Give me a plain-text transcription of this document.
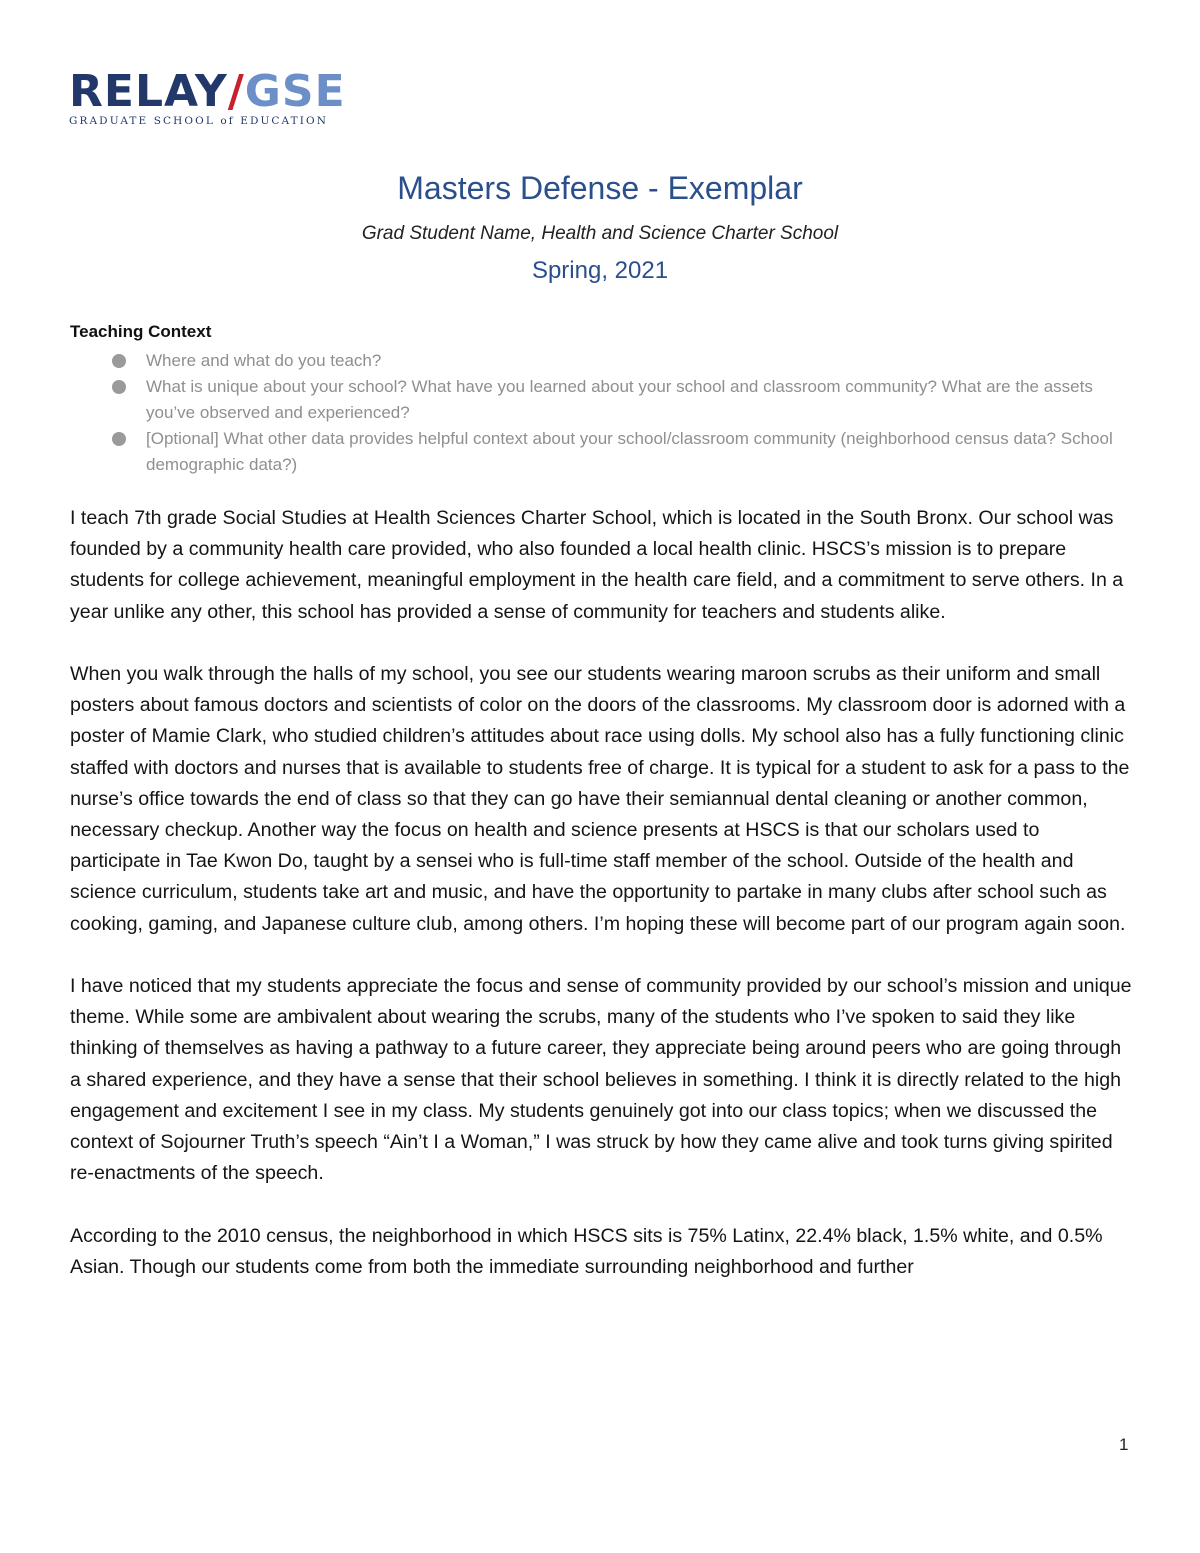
RELAY/GSE
GRADUATE SCHOOL of EDUCATION
Masters Defense - Exemplar
Grad Student Name, Health and Science Charter School
Spring, 2021
Teaching Context
Where and what do you teach?
What is unique about your school? What have you learned about your school and classroom community? What are the assets you’ve observed and experienced?
[Optional] What other data provides helpful context about your school/classroom community (neighborhood census data? School demographic data?)

I teach 7th grade Social Studies at Health Sciences Charter School, which is located in the South Bronx. Our school was founded by a community health care provided, who also founded a local health clinic. HSCS’s mission is to prepare students for college achievement, meaningful employment in the health care field, and a commitment to serve others. In a year unlike any other, this school has provided a sense of community for teachers and students alike.

When you walk through the halls of my school, you see our students wearing maroon scrubs as their uniform and small posters about famous doctors and scientists of color on the doors of the classrooms. My classroom door is adorned with a poster of Mamie Clark, who studied children’s attitudes about race using dolls. My school also has a fully functioning clinic staffed with doctors and nurses that is available to students free of charge. It is typical for a student to ask for a pass to the nurse’s office towards the end of class so that they can go have their semiannual dental cleaning or another common, necessary checkup. Another way the focus on health and science presents at HSCS is that our scholars used to participate in Tae Kwon Do, taught by a sensei who is full-time staff member of the school. Outside of the health and science curriculum, students take art and music, and have the opportunity to partake in many clubs after school such as cooking, gaming, and Japanese culture club, among others. I’m hoping these will become part of our program again soon.

I have noticed that my students appreciate the focus and sense of community provided by our school’s mission and unique theme. While some are ambivalent about wearing the scrubs, many of the students who I’ve spoken to said they like thinking of themselves as having a pathway to a future career, they appreciate being around peers who are going through a shared experience, and they have a sense that their school believes in something. I think it is directly related to the high engagement and excitement I see in my class. My students genuinely got into our class topics; when we discussed the context of Sojourner Truth’s speech “Ain’t I a Woman,” I was struck by how they came alive and took turns giving spirited re-enactments of the speech.

According to the 2010 census, the neighborhood in which HSCS sits is 75% Latinx, 22.4% black, 1.5% white, and 0.5% Asian. Though our students come from both the immediate surrounding neighborhood and further

1
